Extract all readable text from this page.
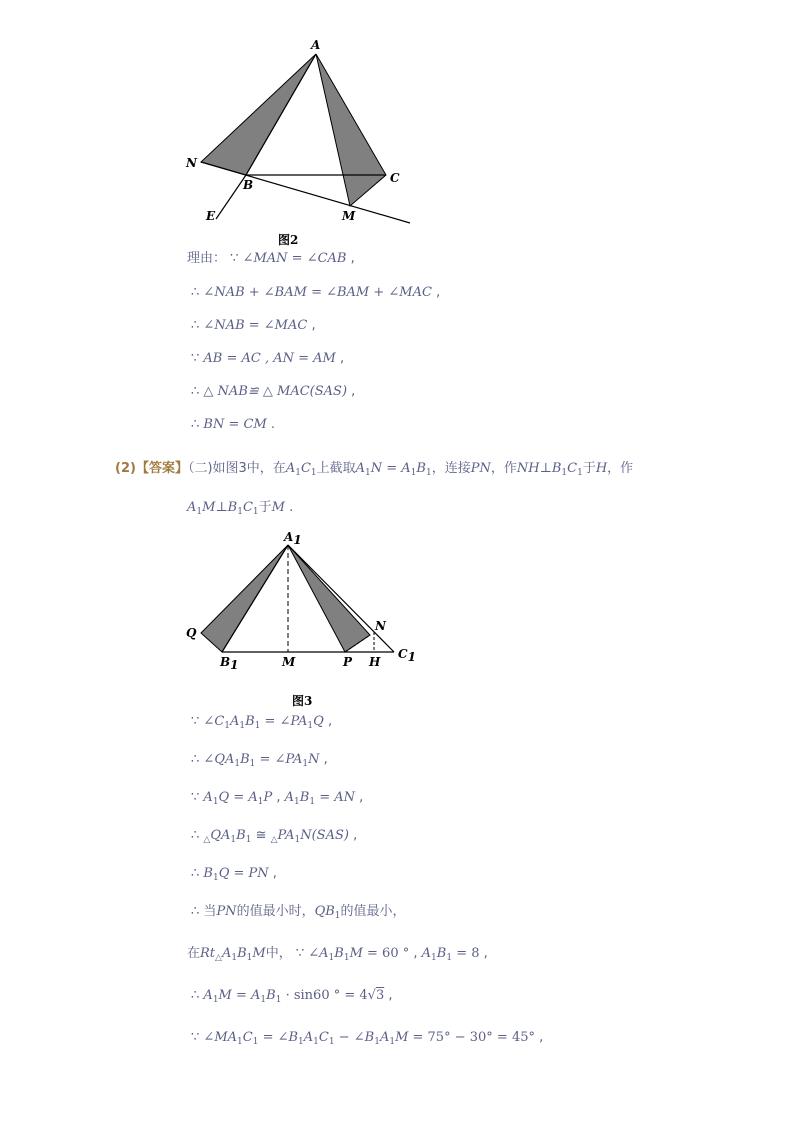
A
N
B	C
E	M
图2
理由： ∵ ∠MAN = ∠CAB ,
∴ ∠NAB + ∠BAM = ∠BAM + ∠MAC ,
∴ ∠NAB = ∠MAC ,
∵ AB = AC , AN = AM ,
∴ △ NAB≌ △ MAC(SAS) ,
∴ BN = CM .
(2)【答案】（二)如图3中，在$A_1C_1$上截取$A_1N = A_1B_1$，连接PN，作$NH\perp B_1C_1$于H，作
$A_1M\perp B_1C_1$于M .
A1
Q
B1	M	P H
N
C1
图3
∵ $\angle C_1A_1B_1$ = $\angle PA_1Q$ ,
∴ $\angle QA_1B_1$ = $\angle PA_1N$ ,
∵ $A_1Q = A_1P$ , $A_1B_1$ = AN ,
∴ $_\triangle QA_1B_1$ ≅ $_\triangle PA_1N(SAS)$ ,
∴ $B_1Q$ = PN ,
∴ 当PN的值最小时，$QB_1$的值最小，
在$Rt_\triangle A_1B_1M$中， ∵ $\angle A_1B_1M = 60$ ° , $A_1B_1 = 8$ ,
∴ $A_1M = A_1B_1 \cdot \sin 60$ ° = 4√3 ,
∵ $\angle MA_1C_1$ = $\angle B_1A_1C_1$ − $\angle B_1A_1M = 75^\circ - 30^\circ = 45^\circ$ ,
